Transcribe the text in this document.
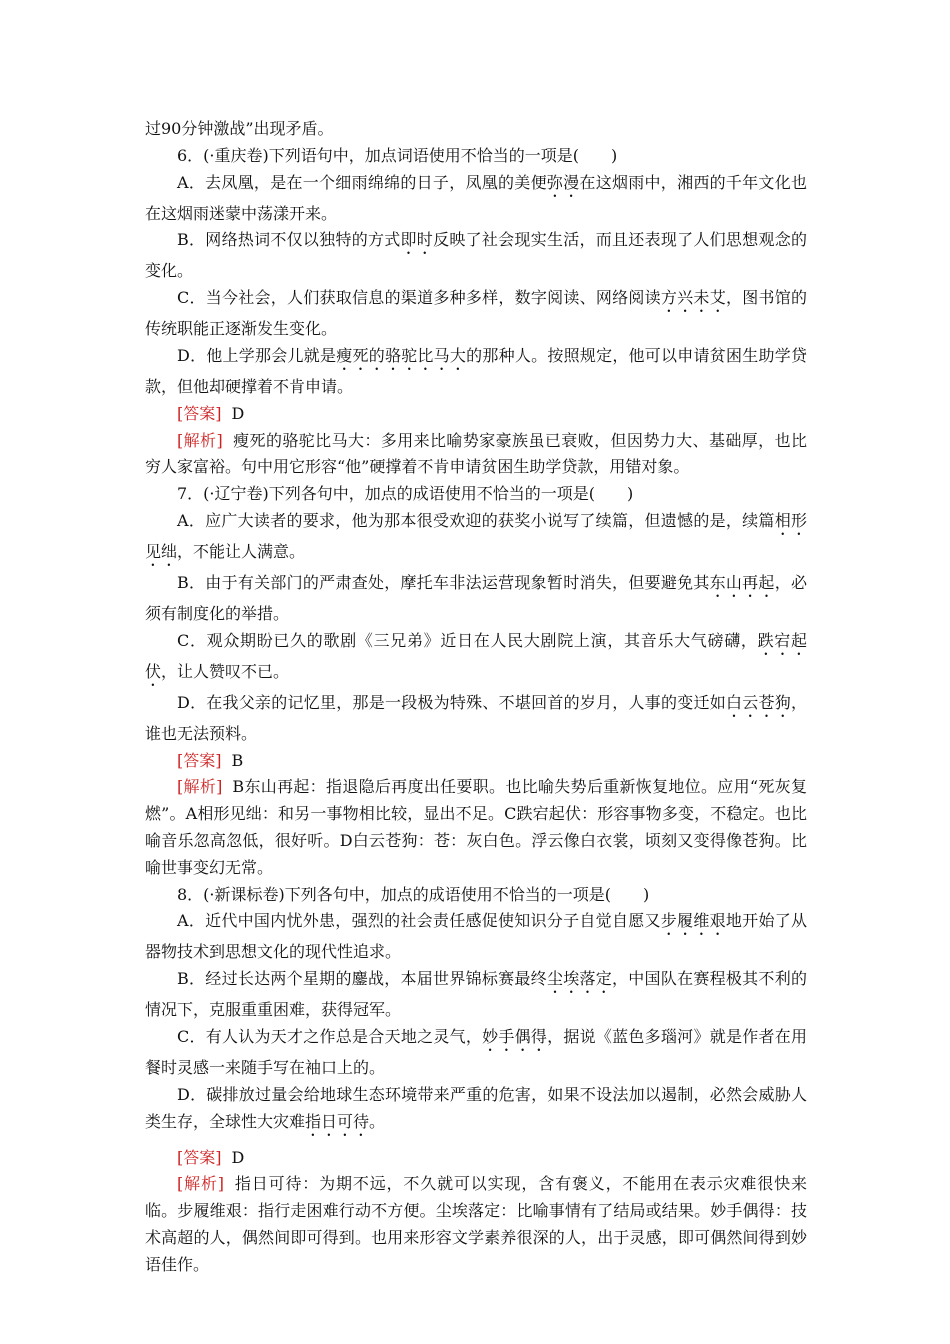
过90分钟激战”出现矛盾。

6．(·重庆卷)下列语句中，加点词语使用不恰当的一项是(　　)

A．去凤凰，是在一个细雨绵绵的日子，凤凰的美便弥漫在这烟雨中，湘西的千年文化也在这烟雨迷蒙中荡漾开来。

B．网络热词不仅以独特的方式即时反映了社会现实生活，而且还表现了人们思想观念的变化。

C．当今社会，人们获取信息的渠道多种多样，数字阅读、网络阅读方兴未艾，图书馆的传统职能正逐渐发生变化。

D．他上学那会儿就是瘦死的骆驼比马大的那种人。按照规定，他可以申请贫困生助学贷款，但他却硬撑着不肯申请。

[答案] D

[解析] 瘦死的骆驼比马大：多用来比喻势家豪族虽已衰败，但因势力大、基础厚，也比穷人家富裕。句中用它形容“他”硬撑着不肯申请贫困生助学贷款，用错对象。

7．(·辽宁卷)下列各句中，加点的成语使用不恰当的一项是(　　)

A．应广大读者的要求，他为那本很受欢迎的获奖小说写了续篇，但遗憾的是，续篇相形见绌，不能让人满意。

B．由于有关部门的严肃查处，摩托车非法运营现象暂时消失，但要避免其东山再起，必须有制度化的举措。

C．观众期盼已久的歌剧《三兄弟》近日在人民大剧院上演，其音乐大气磅礴，跌宕起伏，让人赞叹不已。

D．在我父亲的记忆里，那是一段极为特殊、不堪回首的岁月，人事的变迁如白云苍狗，谁也无法预料。

[答案] B

[解析] B东山再起：指退隐后再度出任要职。也比喻失势后重新恢复地位。应用“死灰复燃”。A相形见绌：和另一事物相比较，显出不足。C跌宕起伏：形容事物多变，不稳定。也比喻音乐忽高忽低，很好听。D白云苍狗：苍：灰白色。浮云像白衣裳，顷刻又变得像苍狗。比喻世事变幻无常。

8．(·新课标卷)下列各句中，加点的成语使用不恰当的一项是(　　)

A．近代中国内忧外患，强烈的社会责任感促使知识分子自觉自愿又步履维艰地开始了从器物技术到思想文化的现代性追求。

B．经过长达两个星期的鏖战，本届世界锦标赛最终尘埃落定，中国队在赛程极其不利的情况下，克服重重困难，获得冠军。

C．有人认为天才之作总是合天地之灵气，妙手偶得，据说《蓝色多瑙河》就是作者在用餐时灵感一来随手写在袖口上的。

D．碳排放过量会给地球生态环境带来严重的危害，如果不设法加以遏制，必然会威胁人类生存，全球性大灾难指日可待。

[答案] D

[解析] 指日可待：为期不远，不久就可以实现，含有褒义，不能用在表示灾难很快来临。步履维艰：指行走困难行动不方便。尘埃落定：比喻事情有了结局或结果。妙手偶得：技术高超的人，偶然间即可得到。也用来形容文学素养很深的人，出于灵感，即可偶然间得到妙语佳作。
